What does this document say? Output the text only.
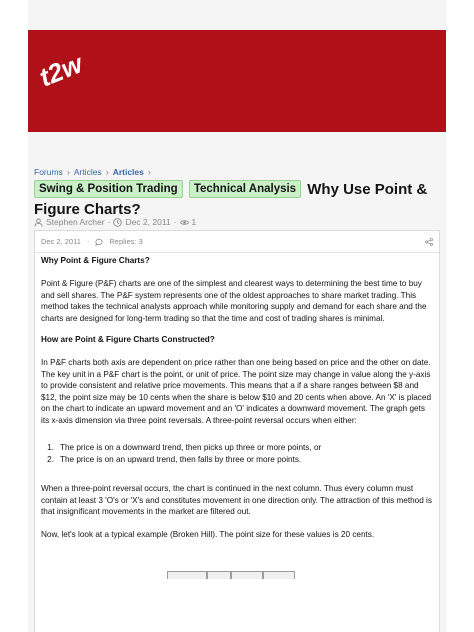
t2w
Forums › Articles › Articles ›
Swing & Position Trading Technical Analysis Why Use Point & Figure Charts?
Stephen Archer · Dec 2, 2011 · 1
Dec 2, 2011 ·	Replies: 3

Why Point & Figure Charts?

Point & Figure (P&F) charts are one of the simplest and clearest ways to determining the best time to buy and sell shares. The P&F system represents one of the oldest approaches to share market trading. This method takes the technical analysts approach while monitoring supply and demand for each share and the charts are designed for long-term trading so that the time and cost of trading shares is minimal.

How are Point & Figure Charts Constructed?

In P&F charts both axis are dependent on price rather than one being based on price and the other on date. The key unit in a P&F chart is the point, or unit of price. The point size may change in value along the y-axis to provide consistent and relative price movements. This means that a if a share ranges between $8 and $12, the point size may be 10 cents when the share is below $10 and 20 cents when above. An 'X' is placed on the chart to indicate an upward movement and an 'O' indicates a downward movement. The graph gets its x-axis dimension via three point reversals. A three-point reversal occurs when either:

1. The price is on a downward trend, then picks up three or more points, or
2. The price is on an upward trend, then falls by three or more points.

When a three-point reversal occurs, the chart is continued in the next column. Thus every column must contain at least 3 'O's or 'X's and constitutes movement in one direction only. The attraction of this method is that insignificant movements in the market are filtered out.

Now, let's look at a typical example (Broken Hill). The point size for these values is 20 cents.
